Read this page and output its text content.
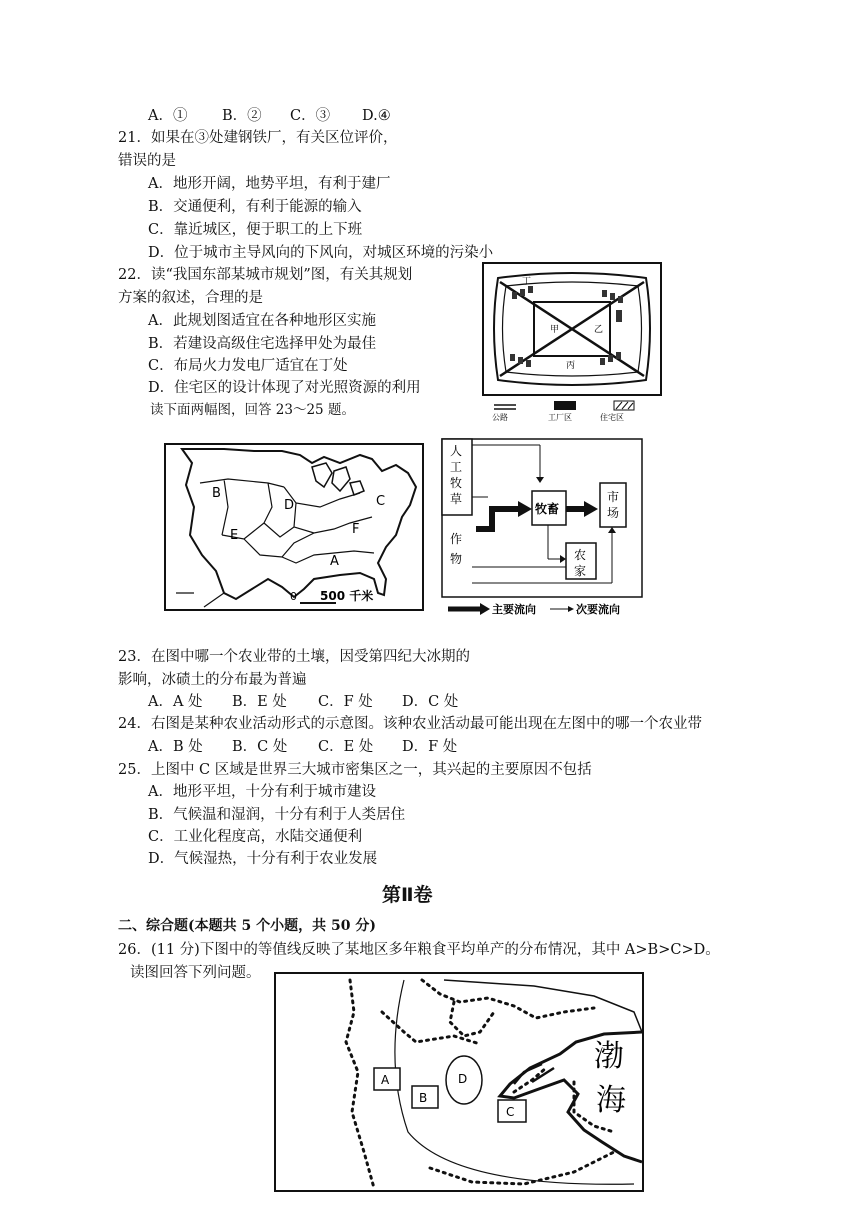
A．① B．② C．③ D.④
21．如果在③处建钢铁厂，有关区位评价，
错误的是
A．地形开阔，地势平坦，有利于建厂
B．交通便利，有利于能源的输入
C．靠近城区，便于职工的上下班
D．位于城市主导风向的下风向，对城区环境的污染小
22．读“我国东部某城市规划”图，有关其规划
方案的叙述，合理的是
A．此规划图适宜在各种地形区实施
B．若建设高级住宅选择甲处为最佳
C．布局火力发电厂适宜在丁处
D．住宅区的设计体现了对光照资源的利用
读下面两幅图，回答 23～25 题。
丁
甲	乙
丙
公路	工厂区	住宅区
B
D	C
E	F
A
0 500 千米
人
工
牧
草
作
物
牧畜
市
场
农
家
主要流向	次要流向
23．在图中哪一个农业带的土壤，因受第四纪大冰期的
影响，冰碛土的分布最为普遍
A．A 处 B．E 处 C．F 处 D．C 处
24．右图是某种农业活动形式的示意图。该种农业活动最可能出现在左图中的哪一个农业带
A．B 处 B．C 处 C．E 处 D．F 处
25．上图中 C 区域是世界三大城市密集区之一，其兴起的主要原因不包括
A．地形平坦，十分有利于城市建设
B．气候温和湿润，十分有利于人类居住
C．工业化程度高，水陆交通便利
D．气候湿热，十分有利于农业发展
第Ⅱ卷
二、综合题(本题共 5 个小题，共 50 分)
26．(11 分)下图中的等值线反映了某地区多年粮食平均单产的分布情况，其中 A>B>C>D。
读图回答下列问题。
A
B
D
C
渤
海
